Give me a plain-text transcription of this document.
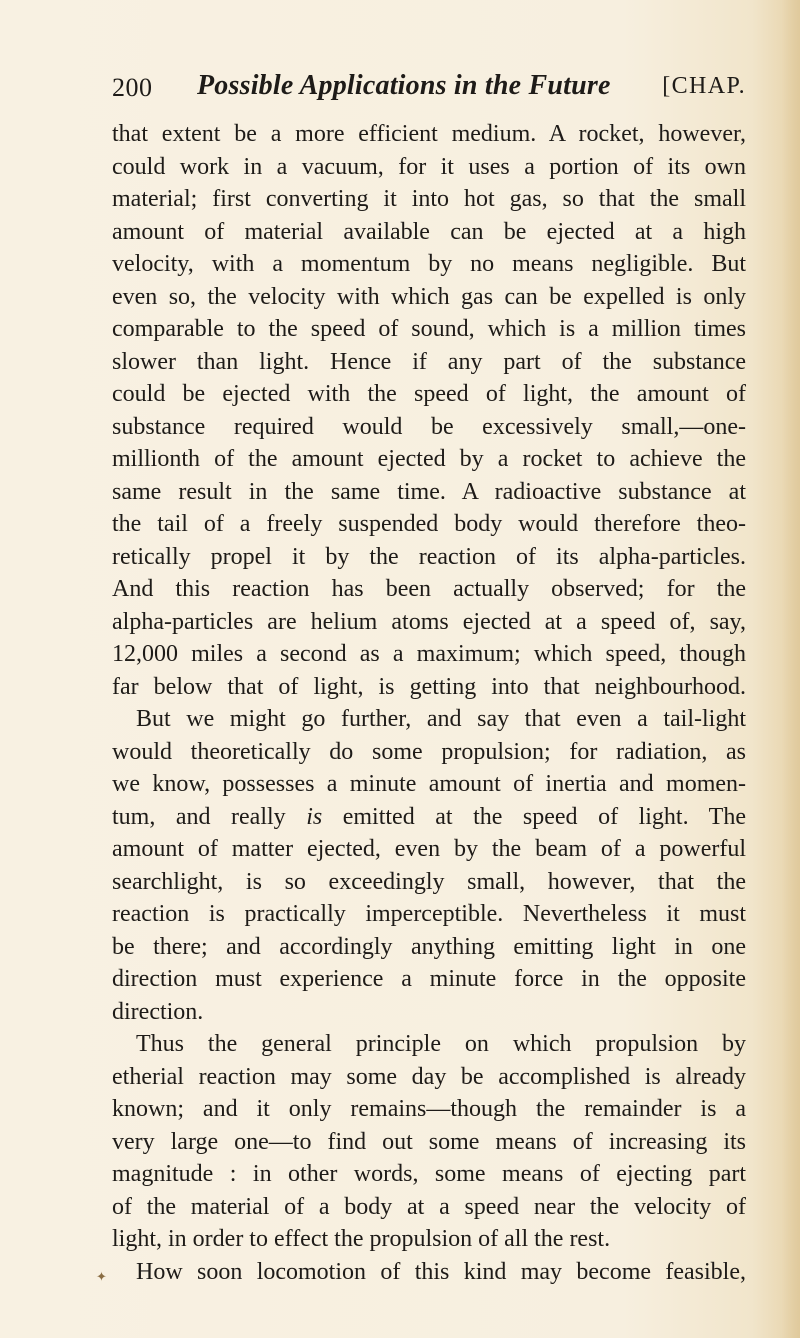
200 Possible Applications in the Future [CHAP.
that extent be a more efficient medium. A rocket, however,
could work in a vacuum, for it uses a portion of its own
material; first converting it into hot gas, so that the small
amount of material available can be ejected at a high
velocity, with a momentum by no means negligible. But
even so, the velocity with which gas can be expelled is only
comparable to the speed of sound, which is a million times
slower than light. Hence if any part of the substance
could be ejected with the speed of light, the amount of
substance required would be excessively small,—one-
millionth of the amount ejected by a rocket to achieve the
same result in the same time. A radioactive substance at
the tail of a freely suspended body would therefore theo-
retically propel it by the reaction of its alpha-particles.
And this reaction has been actually observed; for the
alpha-particles are helium atoms ejected at a speed of, say,
12,000 miles a second as a maximum; which speed, though
far below that of light, is getting into that neighbourhood.
But we might go further, and say that even a tail-light
would theoretically do some propulsion; for radiation, as
we know, possesses a minute amount of inertia and momen-
tum, and really is emitted at the speed of light. The
amount of matter ejected, even by the beam of a powerful
searchlight, is so exceedingly small, however, that the
reaction is practically imperceptible. Nevertheless it must
be there; and accordingly anything emitting light in one
direction must experience a minute force in the opposite
direction.
Thus the general principle on which propulsion by
etherial reaction may some day be accomplished is already
known; and it only remains—though the remainder is a
very large one—to find out some means of increasing its
magnitude : in other words, some means of ejecting part
of the material of a body at a speed near the velocity of
light, in order to effect the propulsion of all the rest.
How soon locomotion of this kind may become feasible,
✦
